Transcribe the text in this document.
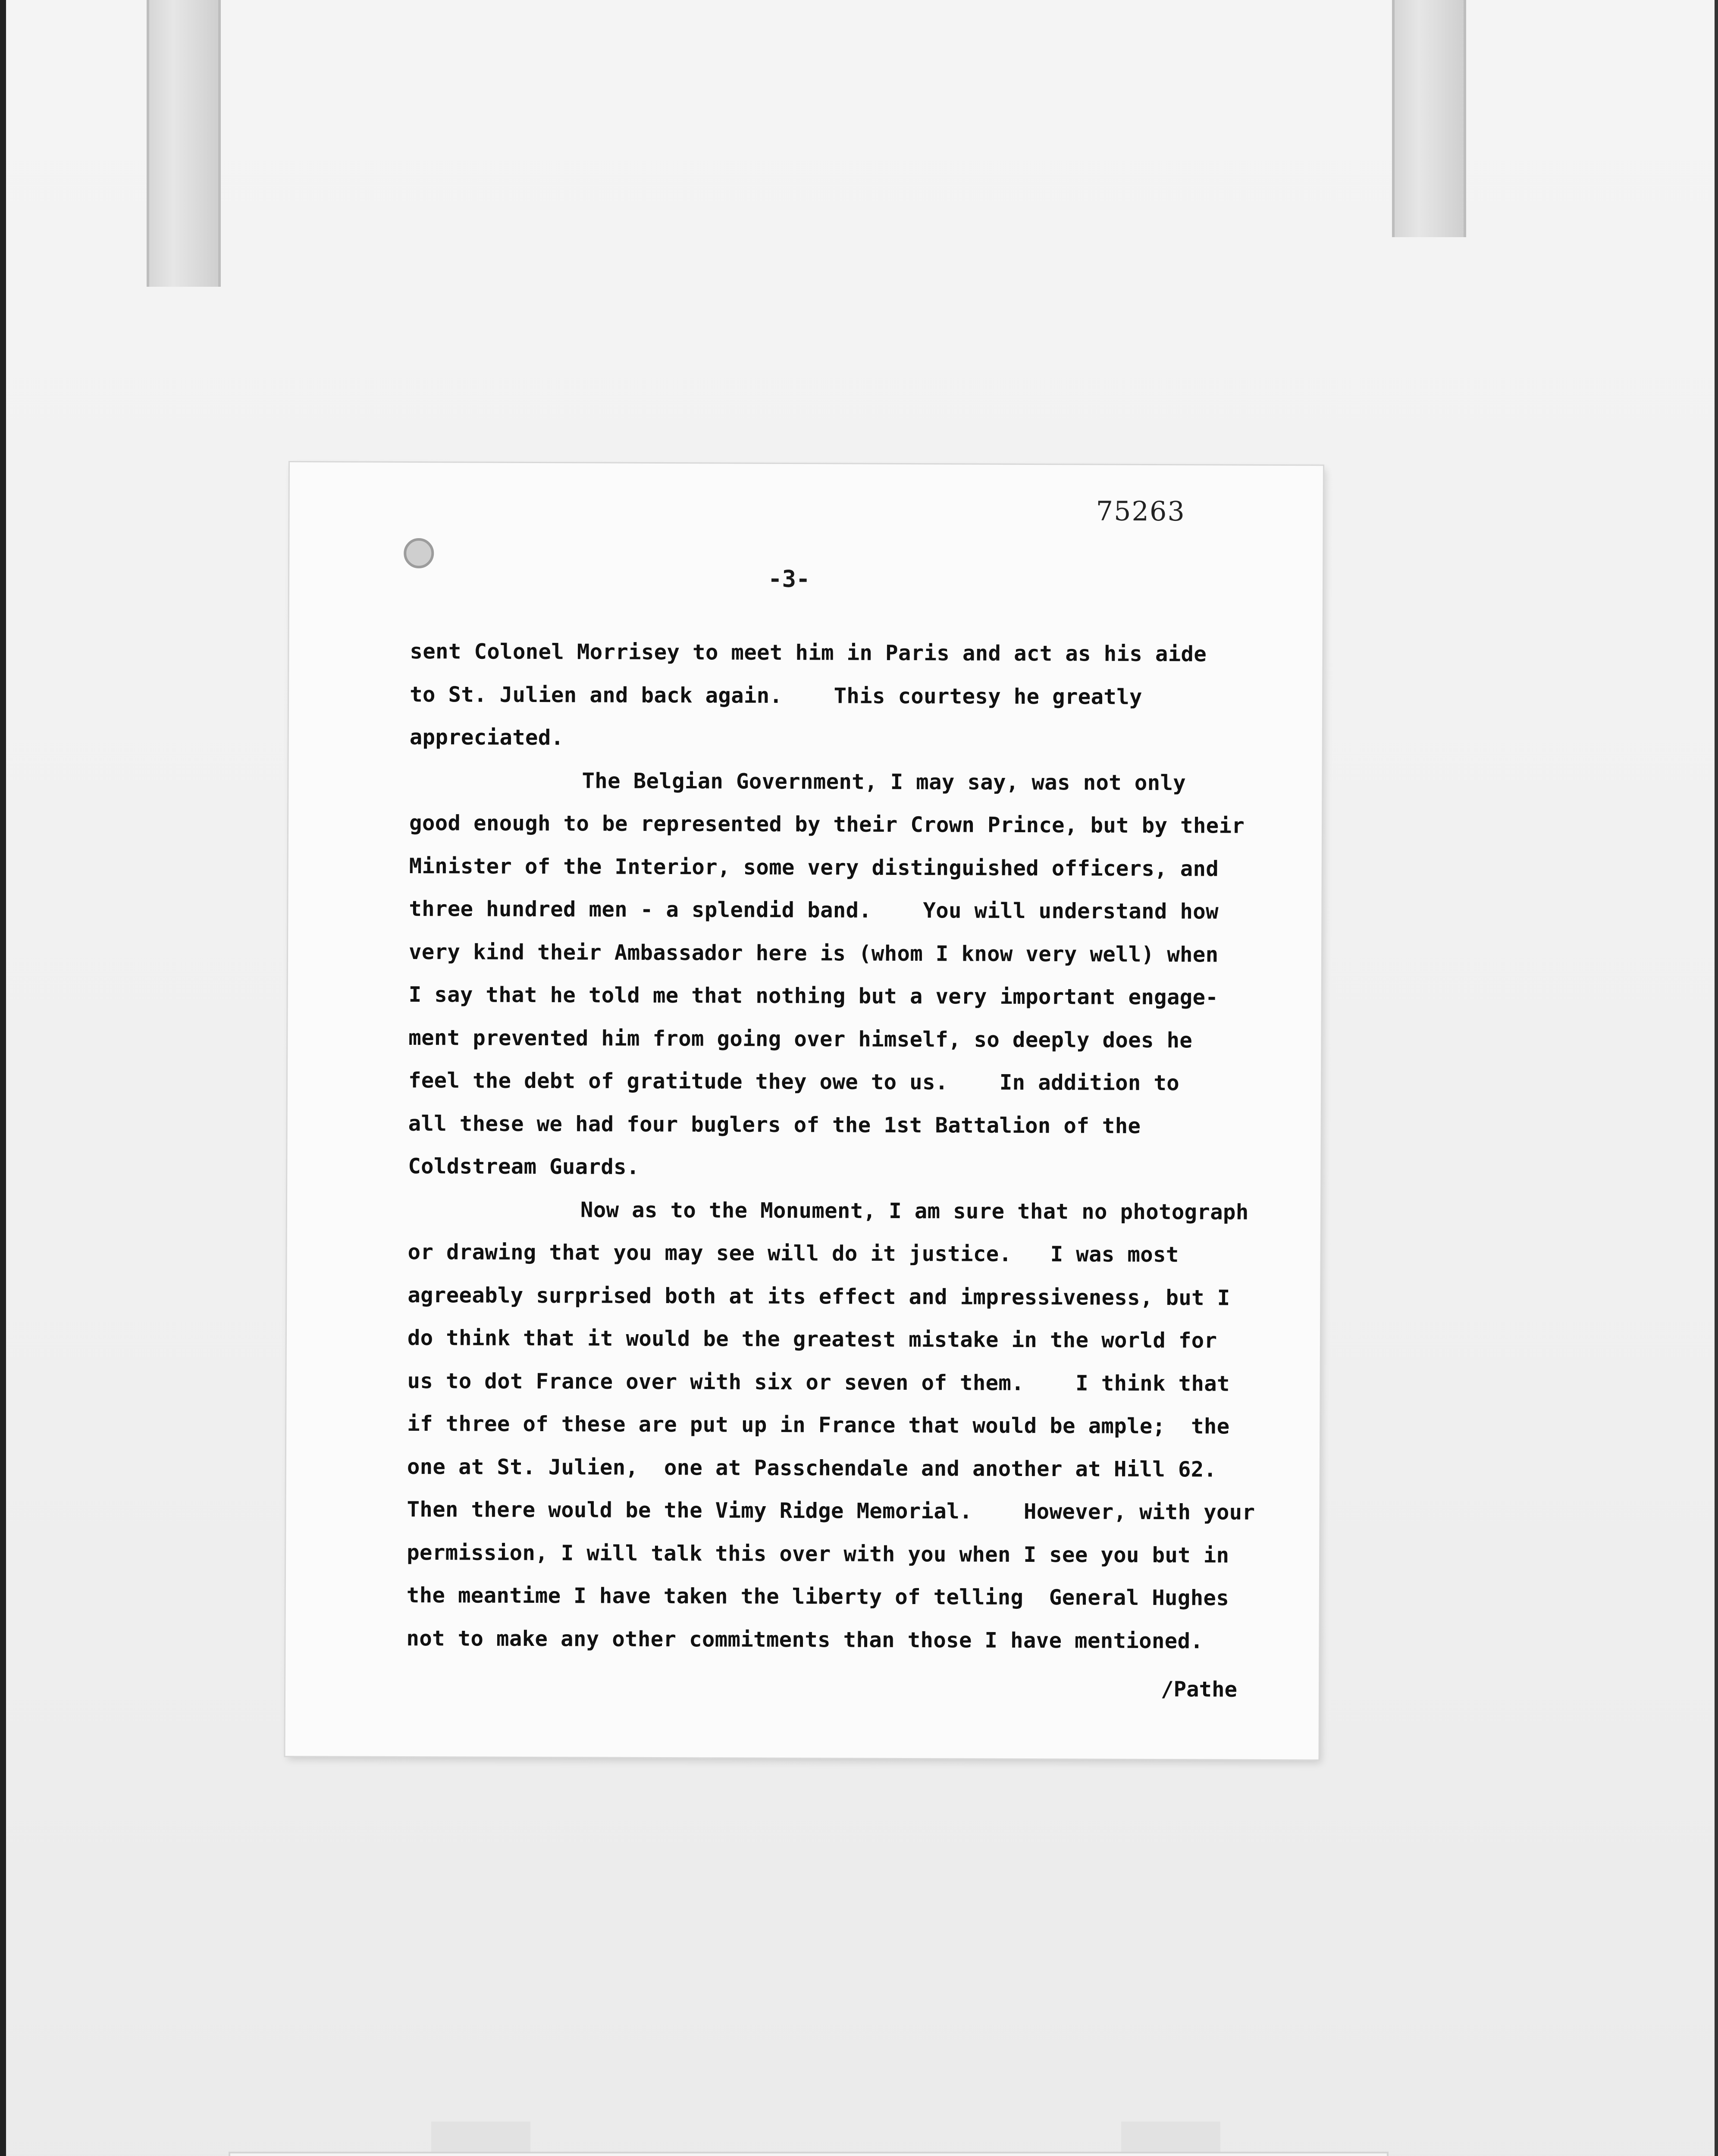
75263
-3-
sent Colonel Morrisey to meet him in Paris and act as his aide
to St. Julien and back again.    This courtesy he greatly
appreciated.
The Belgian Government, I may say, was not only
good enough to be represented by their Crown Prince, but by their
Minister of the Interior, some very distinguished officers, and
three hundred men - a splendid band.    You will understand how
very kind their Ambassador here is (whom I know very well) when
I say that he told me that nothing but a very important engage-
ment prevented him from going over himself, so deeply does he
feel the debt of gratitude they owe to us.    In addition to
all these we had four buglers of the 1st Battalion of the
Coldstream Guards.
Now as to the Monument, I am sure that no photograph
or drawing that you may see will do it justice.   I was most
agreeably surprised both at its effect and impressiveness, but I
do think that it would be the greatest mistake in the world for
us to dot France over with six or seven of them.    I think that
if three of these are put up in France that would be ample;  the
one at St. Julien,  one at Passchendale and another at Hill 62.
Then there would be the Vimy Ridge Memorial.    However, with your
permission, I will talk this over with you when I see you but in
the meantime I have taken the liberty of telling  General Hughes
not to make any other commitments than those I have mentioned.
/Pathe
